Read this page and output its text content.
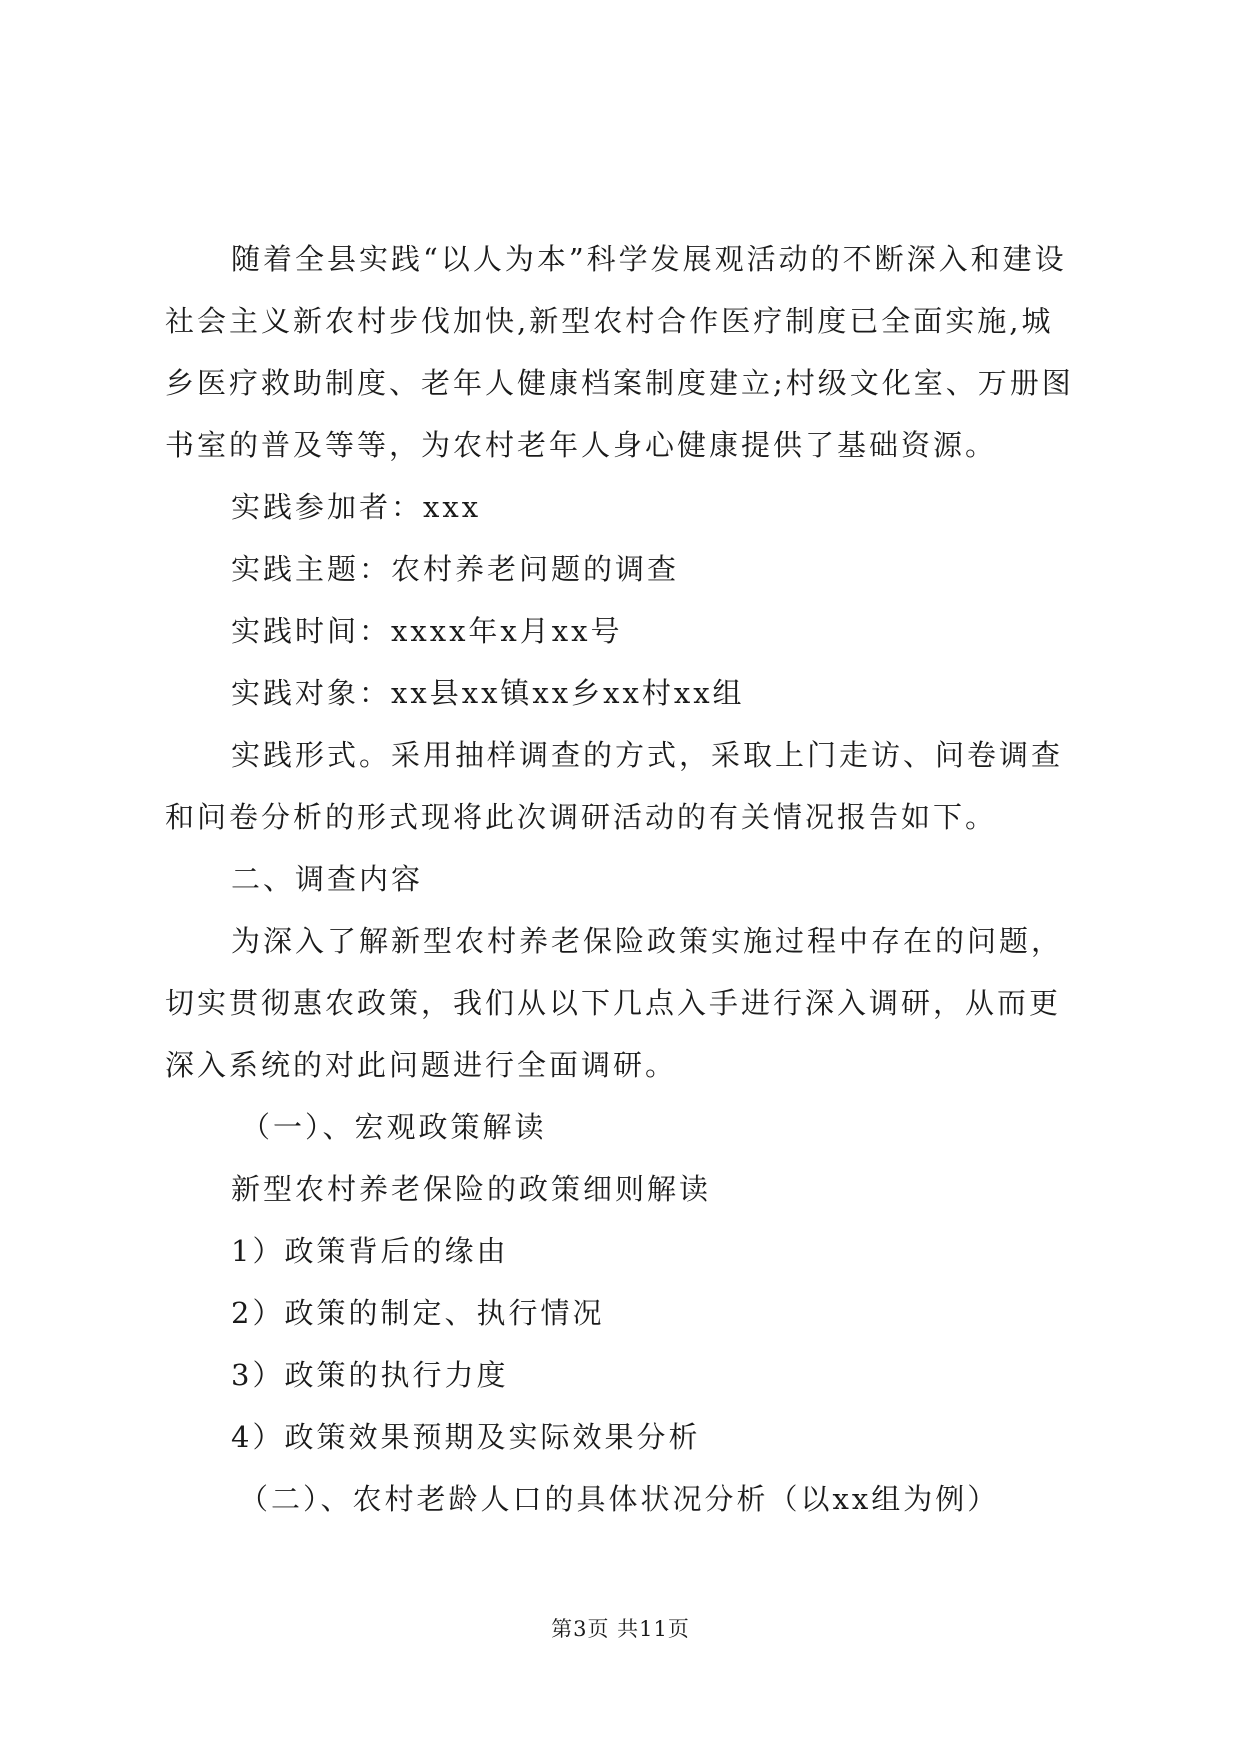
随着全县实践“以人为本”科学发展观活动的不断深入和建设社会主义新农村步伐加快,新型农村合作医疗制度已全面实施,城乡医疗救助制度、老年人健康档案制度建立;村级文化室、万册图书室的普及等等，为农村老年人身心健康提供了基础资源。

实践参加者：xxx

实践主题：农村养老问题的调查

实践时间：xxxx年x月xx号

实践对象：xx县xx镇xx乡xx村xx组

实践形式。采用抽样调查的方式，采取上门走访、问卷调查和问卷分析的形式现将此次调研活动的有关情况报告如下。

二、调查内容

为深入了解新型农村养老保险政策实施过程中存在的问题，切实贯彻惠农政策，我们从以下几点入手进行深入调研，从而更深入系统的对此问题进行全面调研。

（一）、宏观政策解读

新型农村养老保险的政策细则解读

1）政策背后的缘由

2）政策的制定、执行情况

3）政策的执行力度

4）政策效果预期及实际效果分析

（二）、农村老龄人口的具体状况分析（以xx组为例）

第3页 共11页
